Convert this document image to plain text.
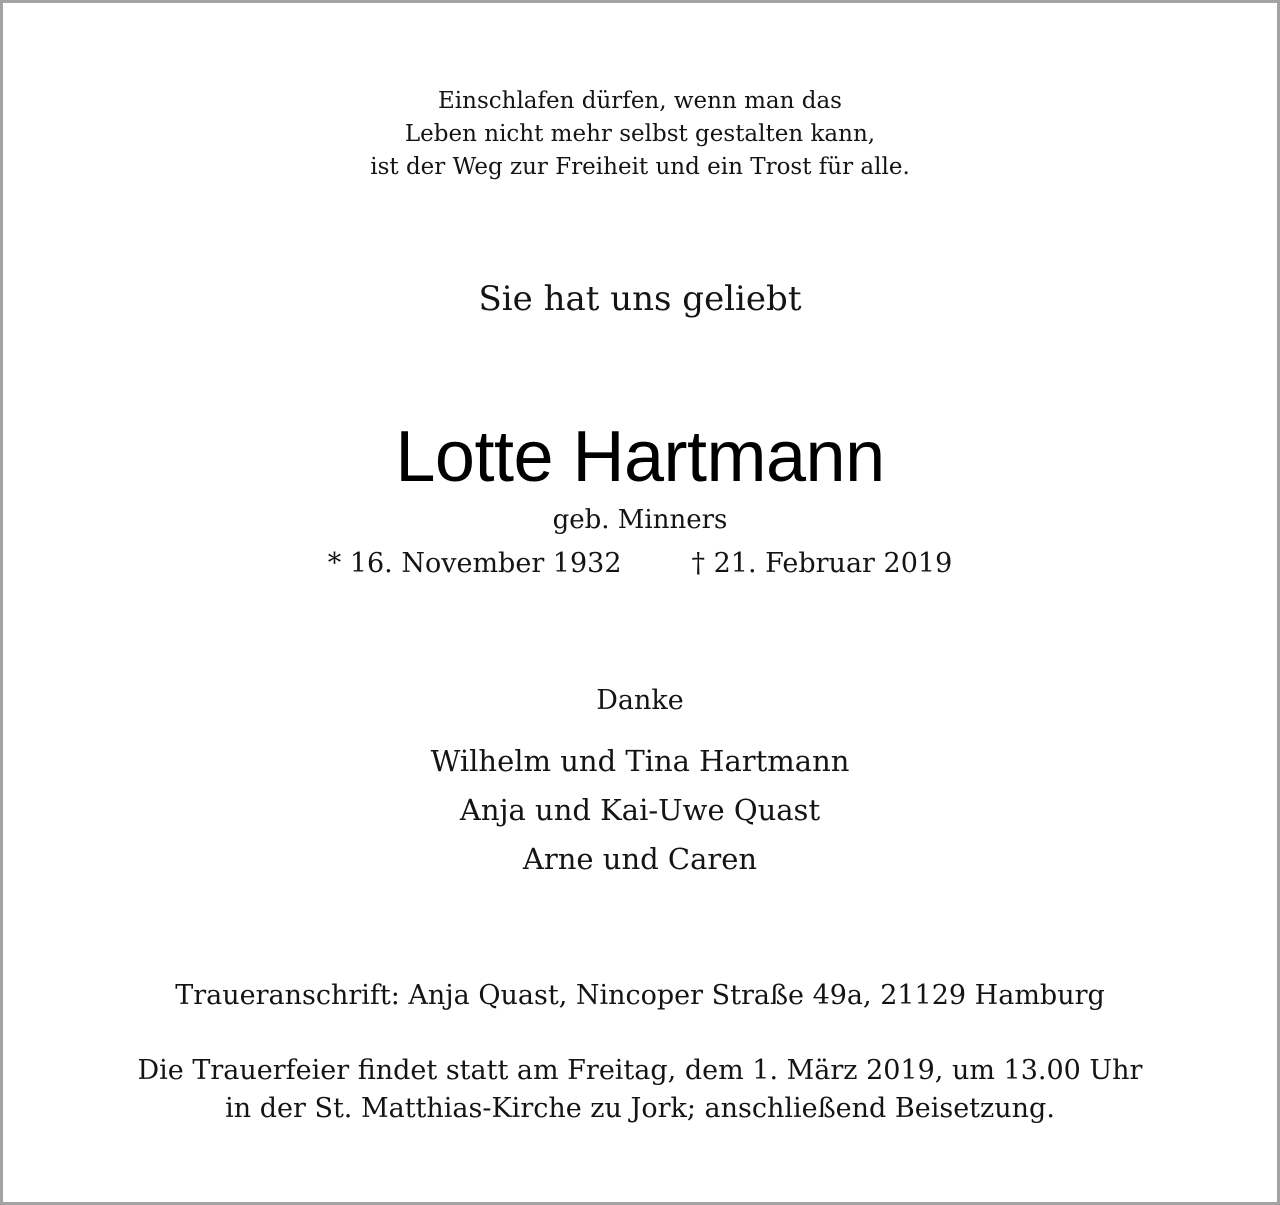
Einschlafen dürfen, wenn man das
Leben nicht mehr selbst gestalten kann,
ist der Weg zur Freiheit und ein Trost für alle.
Sie hat uns geliebt
Lotte Hartmann
geb. Minners
* 16. November 1932	† 21. Februar 2019
Danke
Wilhelm und Tina Hartmann
Anja und Kai-Uwe Quast
Arne und Caren
Traueranschrift: Anja Quast, Nincoper Straße 49a, 21129 Hamburg
Die Trauerfeier findet statt am Freitag, dem 1. März 2019, um 13.00 Uhr
in der St. Matthias-Kirche zu Jork; anschließend Beisetzung.
